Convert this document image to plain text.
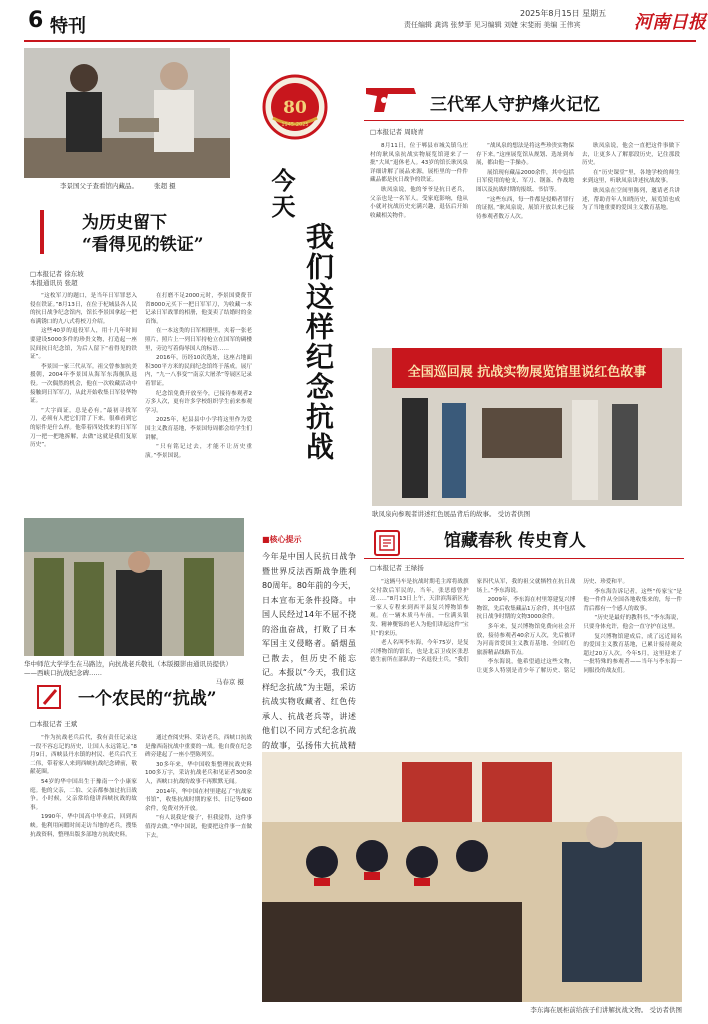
6 特刊
2025年8月15日 星期五
责任编辑 龚鸿 张梦菲 见习编辑 刘婕 宋斐雨 美编 王伟宾	河南日报
李景国父子查看馆内藏品。 张超 摄
为历史留下
“看得见的铁证”
□本报记者 徐东坡
本报通讯员 张超

“这枚军刀的题口，是当年日军罪恶入侵在铁证。”8月13日，在位于杞城县各人民的抗日战争纪念馆内，馆长李景国拿起一把布满锈口的九八式将校刀介绍。

这些40岁的退役军人，用十几年时间要建设5000多件的珍贵文物，打造起一座民间抗日纪念馆，为后人留下“看得见的铁证”。

李景国一家三代从军。祖父曾参加抗美援朝，2004年李景国从海军东海舰队退役。一次偶然的机会，他在一次收藏活动中接触到日军军刀，从此开始收集日军侵华物证。

“大字面证，总是必有。”最初寻找军刀，必须有人把它们背了下来。很难看到它的原件是什么样。他带着四处找来的日军军刀一把一把地拆解，去做“这就是我们复原历史”。

在打磨不足2000元时，李景国费费节省8000元买下一把日军军刀，为收藏一本记录日军战罪的相册，他变卖了结婚时的金首饰。

在一本这类的日军相册里，夹着一张老照片，照片上一列日军持枪立在国军的碉楼里，旁边写着侮辱国人的标语……

2016年，历经10次选址，这座占地面积300平方米的民间纪念馆终于落成。展厅内，“九一八事变”“南京大屠杀”等展区记录着罪证。

纪念馆免费开放至今，已接待参观者2万多人次，更有许多学校组织学生前来参观学习。

2025年，杞县县中小学将这里作为爱国主义教育基地，李景国每周都会给学生们讲解。

“只有铭记过去，才能不让历史重演。”李景国说。

80
1945-2025
今天
我们这样纪念抗战
三代军人守护烽火记忆
□本报记者 周晓青

8月11日，位于郸县市城关镇乌庄村的耿凤泉抗战实物展览馆迎来了一批“大凤”退休老人。43岁的馆长耿凤泉详细讲解了展品来源，展柜里的一件件藏品都是抗日战争的铁证。

耿凤泉说，他的爷爷是抗日老兵，父亲也是一名军人。受家庭影响，他从小就对抗战历史充满兴趣，退伍后开始收藏相关物件。

“战凤泉的想法是将这些珍贵实物保存下来。”这座展览馆从规划、选址到布展，都由他一手操办。

展馆现有藏品2000余件，其中包括日军使用的枪支、军刀、钢盔、作战地图以及抗战时期的报纸、书信等。

“这些东西，每一件都是侵略者罪行的证据。”耿凤泉说，展馆开放以来已接待参观者数万人次。

耿凤泉说，他会一直把这件事做下去，让更多人了解那段历史，记住那段历史。

在“历史课堂”里，各地学校的师生来到这里，听耿凤泉讲述抗战故事。

耿凤泉在空间里陈列，邀请老兵讲述，帮助青年人知晓历史，展览馆也成为了当地重要的爱国主义教育基地。

全国巡回展 抗战实物展览馆里说红色故事
耿凤泉向参观者讲述红色展品背后的故事。 受访者供图
■核心提示
今年是中国人民抗日战争暨世界反法西斯战争胜利80周年。80年前的今天，日本宣布无条件投降。中国人民经过14年不屈不挠的浴血奋战，打败了日本军国主义侵略者。硝烟虽已散去，但历史不能忘记。本报以“今天，我们这样纪念抗战”为主题，采访抗战实物收藏者、红色传承人、抗战老兵等，讲述他们以不同方式纪念抗战的故事，弘扬伟大抗战精
馆藏春秋 传史育人
□本报记者 王绿扬

“这辆马车是抗战时期毛主席将战旗交付敌后军民的，当年，张思德曾护送……”8月13日上午，天津滨海新区光一家人专程来到西平县复兴博物馆参观。在一辆木质马车前，一位满头银发、精神矍铄的老人为他们讲起这件“宝贝”的来历。

老人名叫李东海，今年75岁，是复兴博物馆的馆长，也是北京卫戍区张思德生前所在部队的一名退役士兵。“我们家四代从军，我的祖父就牺牲在抗日战场上。”李东海说。

2009年，李东海在村里筹建复兴博物馆，先后收集藏品1万余件，其中包括抗日战争时期的文物3000余件。

多年来，复兴博物馆免费向社会开放，接待参观者40余万人次，先后被评为河南省爱国主义教育基地、全国红色旅游精品线路节点。

李东海说，他希望通过这些文物，让更多人特别是青少年了解历史、铭记历史、珍爱和平。

李东海告诉记者，这些“传家宝”是他一件件从全国各地收集来的，每一件背后都有一个感人的故事。

“历史是最好的教科书。”李东海说，只要身体允许，他会一直守护在这里。

复兴博物馆建成后，成了远近闻名的爱国主义教育基地，已累计接待观众超过20万人次。今年5月，这里迎来了一批特殊的参观者——当年与李东海一同服役的战友们。

华中师范大学学生在马路边，向抗战老兵敬礼（本版摄影由通讯员提供）——西峡口抗战纪念碑……
马春京 摄
一个农民的“抗战”
□本报记者 王斌

“作为抗战老兵后代，我有责任记录这一段不容忘记的历史，让国人永远铭记。”8月9日，西峡县丹水镇的村民、老兵后代王二伟，带着家人来到西峡抗战纪念碑前，敬献花圈。

54岁的华中国出生于豫南一个小康家庭。他的父亲，二伯、父亲都参加过抗日战争。小时候，父亲常给他讲西峡抗战的故事。

1990年，华中国高中毕业后，回到西峡。他利用闲暇时间走访当地的老兵，搜集抗战资料，整理出版多部地方抗战史料。

通过查阅史料、采访老兵，西峡口抗战是豫西南抗战中重要的一战。他自费在纪念碑旁建起了一座小型陈列室。

30多年来，华中国收集整理抗战史料100多万字，采访抗战老兵和见证者300余人，西峡口抗战的故事不再默默无闻。

2014年，华中国在村里建起了“抗战家书馆”，收集抗战时期的家书、日记等600余件，免费对外开放。

“有人说我是‘傻子’，但我觉得，这件事值得去做。”华中国说，他要把这件事一直做下去。

李东海在展柜前给孩子们讲解抗战文物。 受访者供图
